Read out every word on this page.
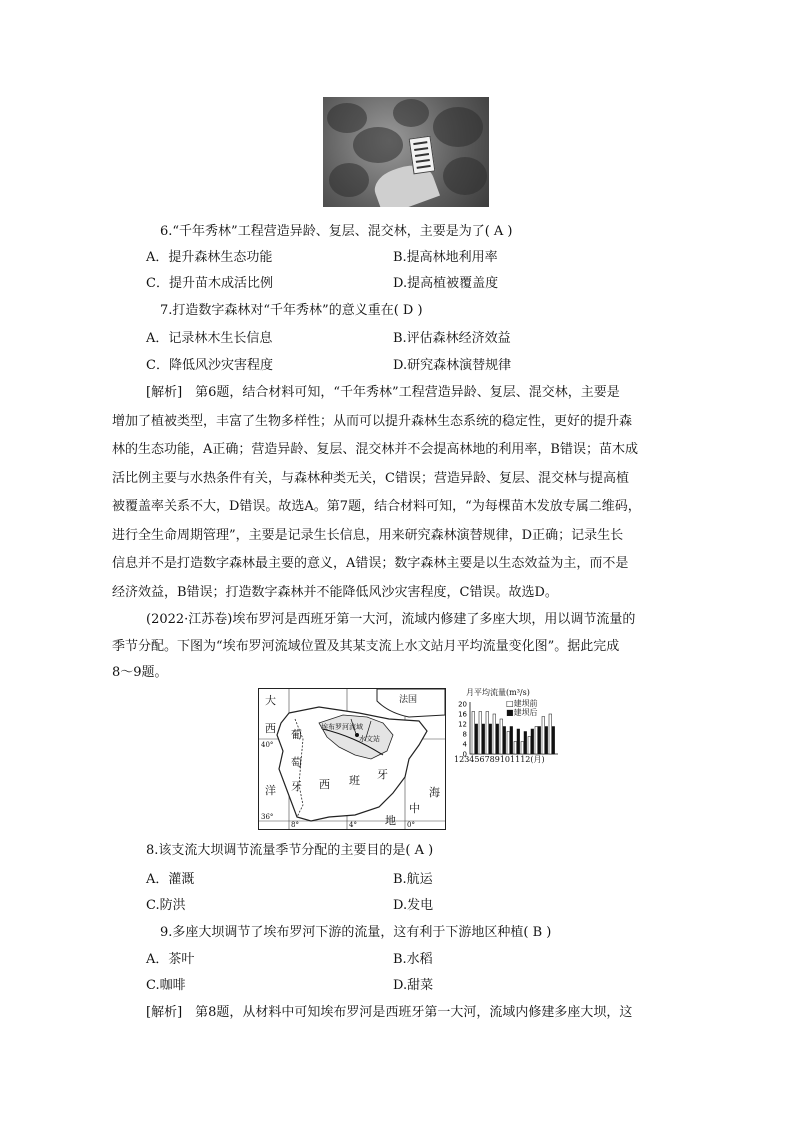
6.“千年秀林”工程营造异龄、复层、混交林，主要是为了( A )
A．提升森林生态功能	B.提高林地利用率
C．提升苗木成活比例	D.提高植被覆盖度
7.打造数字森林对“千年秀林”的意义重在( D )
A．记录林木生长信息	B.评估森林经济效益
C．降低风沙灾害程度	D.研究森林演替规律
[解析]　第6题，结合材料可知，“千年秀林”工程营造异龄、复层、混交林，主要是
增加了植被类型，丰富了生物多样性；从而可以提升森林生态系统的稳定性，更好的提升森
林的生态功能，A正确；营造异龄、复层、混交林并不会提高林地的利用率，B错误；苗木成
活比例主要与水热条件有关，与森林种类无关，C错误；营造异龄、复层、混交林与提高植
被覆盖率关系不大，D错误。故选A。第7题，结合材料可知，“为每棵苗木发放专属二维码，
进行全生命周期管理”，主要是记录生长信息，用来研究森林演替规律，D正确；记录生长
信息并不是打造数字森林最主要的意义，A错误；数字森林主要是以生态效益为主，而不是
经济效益，B错误；打造数字森林并不能降低风沙灾害程度，C错误。故选D。
(2022·江苏卷)埃布罗河是西班牙第一大河，流域内修建了多座大坝，用以调节流量的
季节分配。下图为“埃布罗河流域位置及其某支流上水文站月平均流量变化图”。据此完成
8～9题。
大
西
洋
葡
萄
牙 西 班 牙
法国
埃布罗河流域
水文站
海
中
地
40°
36°
8°	4°	0°
月平均流量(m³/s)
□建坝前
■建坝后
20
16
12
8
4
0
123456789101112(月)
8.该支流大坝调节流量季节分配的主要目的是( A )
A．灌溉	B.航运
C.防洪	D.发电
9.多座大坝调节了埃布罗河下游的流量，这有利于下游地区种植( B )
A．茶叶	B.水稻
C.咖啡	D.甜菜
[解析]　第8题，从材料中可知埃布罗河是西班牙第一大河，流域内修建多座大坝，这
